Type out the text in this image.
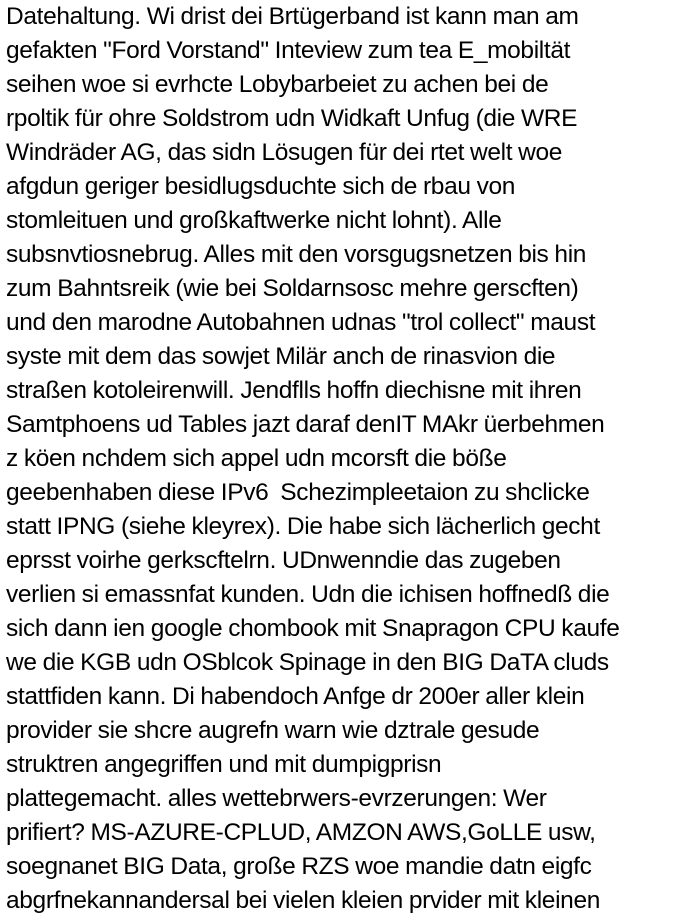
Datehaltung. Wi drist dei Brtügerband ist kann man am
gefakten "Ford Vorstand" Inteview zum tea E_mobiltät
seihen woe si evrhcte Lobybarbeiet zu achen bei de
rpoltik für ohre Soldstrom udn Widkaft Unfug (die WRE
Windräder AG, das sidn Lösugen für dei rtet welt woe
afgdun geriger besidlugsduchte sich de rbau von
stomleituen und großkaftwerke nicht lohnt). Alle
subsnvtiosnebrug. Alles mit den vorsgugsnetzen bis hin
zum Bahntsreik (wie bei Soldarnsosc mehre gerscften)
und den marodne Autobahnen udnas "trol collect" maust
syste mit dem das sowjet Milär anch de rinasvion die
straßen kotoleirenwill. Jendflls hoffn diechisne mit ihren
Samtphoens ud Tables jazt daraf denIT MAkr üerbehmen
z köen nchdem sich appel udn mcorsft die böße
geebenhaben diese IPv6  Schezimpleetaion zu shclicke
statt IPNG (siehe kleyrex). Die habe sich lächerlich gecht
eprsst voirhe gerkscftelrn. UDnwenndie das zugeben
verlien si emassnfat kunden. Udn die ichisen hoffnedß die
sich dann ien google chombook mit Snapragon CPU kaufe
we die KGB udn OSblcok Spinage in den BIG DaTA cluds
stattfiden kann. Di habendoch Anfge dr 200er aller klein
provider sie shcre augrefn warn wie dztrale gesude
struktren angegriffen und mit dumpigprisn
plattegemacht. alles wettebrwers-evrzerungen: Wer
prifiert? MS-AZURE-CPLUD, AMZON AWS,GoLLE usw,
soegnanet BIG Data, große RZS woe mandie datn eigfc
abgrfnekannandersal bei vielen kleien prvider mit kleinen
